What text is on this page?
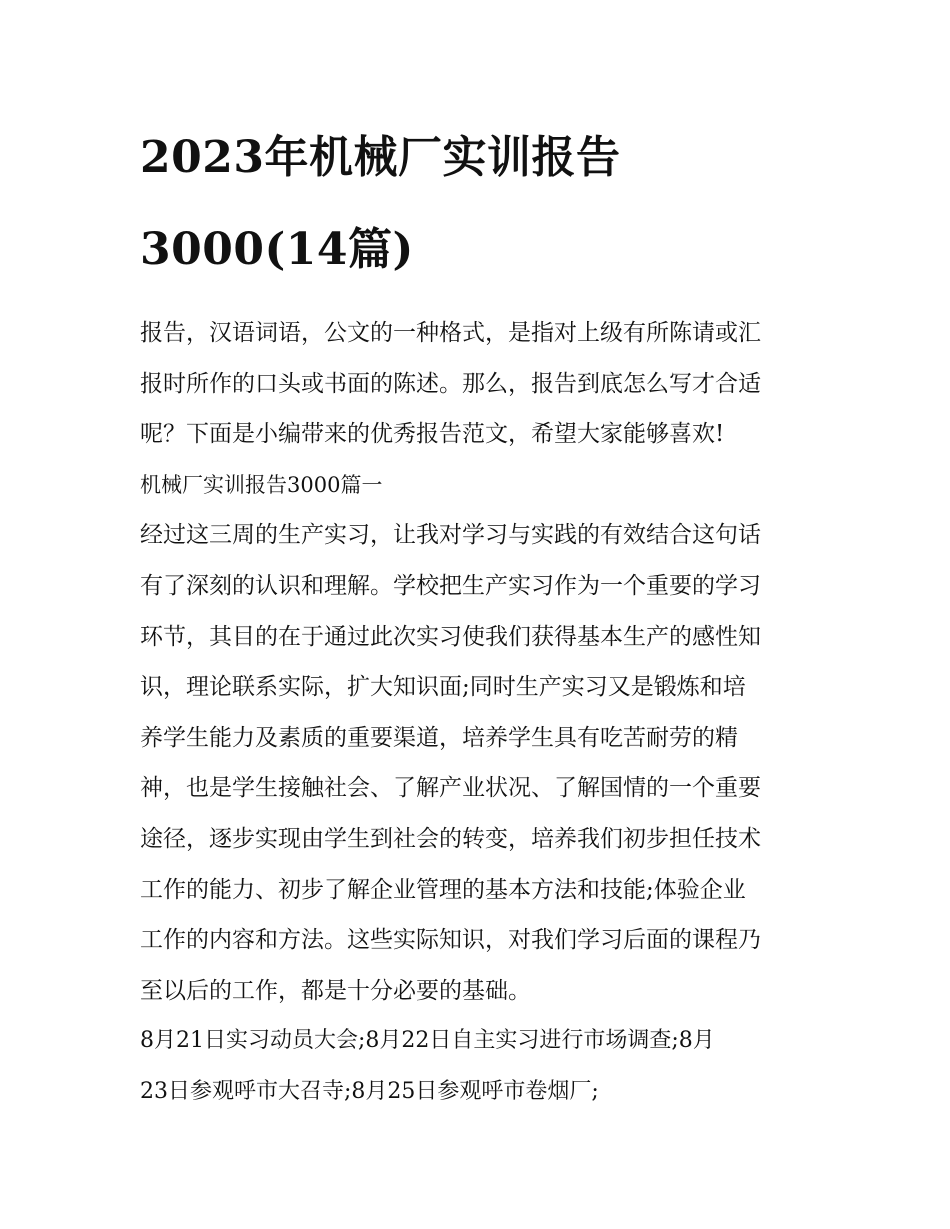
2023年机械厂实训报告
3000(14篇)

报告，汉语词语，公文的一种格式，是指对上级有所陈请或汇

报时所作的口头或书面的陈述。那么，报告到底怎么写才合适

呢？下面是小编带来的优秀报告范文，希望大家能够喜欢!

机械厂实训报告3000篇一

经过这三周的生产实习，让我对学习与实践的有效结合这句话

有了深刻的认识和理解。学校把生产实习作为一个重要的学习

环节，其目的在于通过此次实习使我们获得基本生产的感性知

识，理论联系实际，扩大知识面;同时生产实习又是锻炼和培

养学生能力及素质的重要渠道，培养学生具有吃苦耐劳的精

神，也是学生接触社会、了解产业状况、了解国情的一个重要

途径，逐步实现由学生到社会的转变，培养我们初步担任技术

工作的能力、初步了解企业管理的基本方法和技能;体验企业

工作的内容和方法。这些实际知识，对我们学习后面的课程乃

至以后的工作，都是十分必要的基础。

8月21日实习动员大会;8月22日自主实习进行市场调查;8月

23日参观呼市大召寺;8月25日参观呼市卷烟厂;
